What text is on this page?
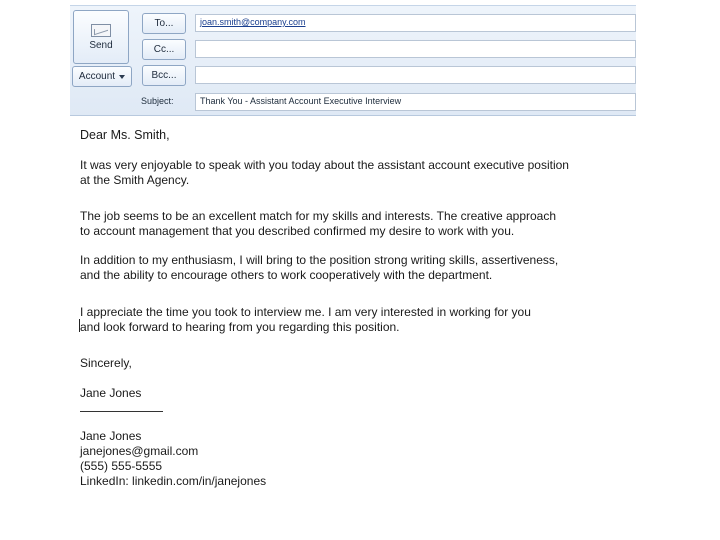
Send
Account
To...
Cc...
Bcc...
joan.smith@company.com
Subject:	Thank You - Assistant Account Executive Interview
Dear Ms. Smith,
It was very enjoyable to speak with you today about the assistant account executive position
at the Smith Agency.
The job seems to be an excellent match for my skills and interests. The creative approach
to account management that you described confirmed my desire to work with you.
In addition to my enthusiasm, I will bring to the position strong writing skills, assertiveness,
and the ability to encourage others to work cooperatively with the department.
I appreciate the time you took to interview me. I am very interested in working for you
and look forward to hearing from you regarding this position.
Sincerely,
Jane Jones
Jane Jones
janejones@gmail.com
(555) 555-5555
LinkedIn: linkedin.com/in/janejones
